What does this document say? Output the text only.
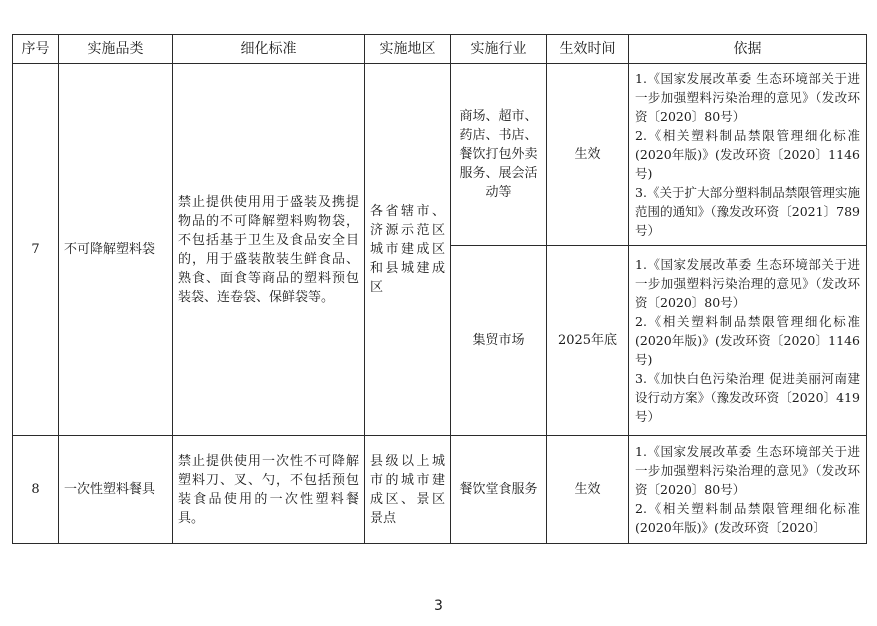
序号	实施品类	细化标准	实施地区	实施行业	生效时间	依据
7	不可降解塑料袋	禁止提供使用用于盛装及携提物品的不可降解塑料购物袋，不包括基于卫生及食品安全目的，用于盛装散装生鲜食品、熟食、面食等商品的塑料预包装袋、连卷袋、保鲜袋等。	各省辖市、济源示范区城市建成区和县城建成区	商场、超市、药店、书店、餐饮打包外卖服务、展会活动等	生效	1.《国家发展改革委 生态环境部关于进一步加强塑料污染治理的意见》（发改环资〔2020〕80号）
2.《相关塑料制品禁限管理细化标准(2020年版)》(发改环资〔2020〕1146号)
3.《关于扩大部分塑料制品禁限管理实施范围的通知》（豫发改环资〔2021〕789号）

				集贸市场	2025年底	1.《国家发展改革委 生态环境部关于进一步加强塑料污染治理的意见》（发改环资〔2020〕80号）
2.《相关塑料制品禁限管理细化标准(2020年版)》(发改环资〔2020〕1146号)
3.《加快白色污染治理 促进美丽河南建设行动方案》（豫发改环资〔2020〕419号）

8	一次性塑料餐具	禁止提供使用一次性不可降解塑料刀、叉、勺，不包括预包装食品使用的一次性塑料餐具。	县级以上城市的城市建成区、景区景点	餐饮堂食服务	生效	1.《国家发展改革委 生态环境部关于进一步加强塑料污染治理的意见》（发改环资〔2020〕80号）
2.《相关塑料制品禁限管理细化标准(2020年版)》(发改环资〔2020〕
3
